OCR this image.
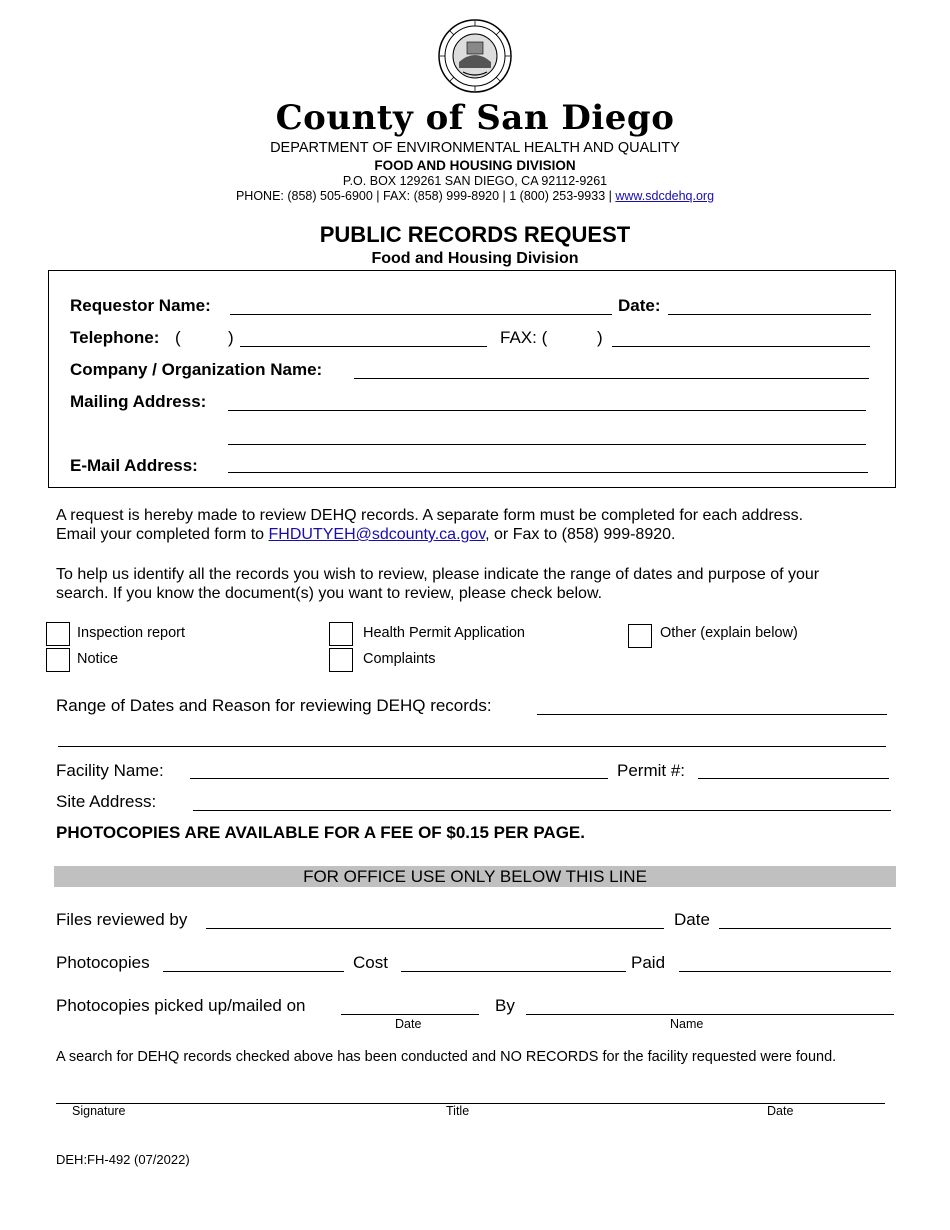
County of San Diego
DEPARTMENT OF ENVIRONMENTAL HEALTH AND QUALITY
FOOD AND HOUSING DIVISION
P.O. BOX 129261 SAN DIEGO, CA 92112-9261
PHONE: (858) 505-6900 | FAX: (858) 999-8920 | 1 (800) 253-9933 | www.sdcdehq.org
PUBLIC RECORDS REQUEST
Food and Housing Division
Requestor Name:	Date:
Telephone: (	)	FAX: (	)
Company / Organization Name:
Mailing Address:
E-Mail Address:
A request is hereby made to review DEHQ records. A separate form must be completed for each address.
Email your completed form to FHDUTYEH@sdcounty.ca.gov, or Fax to (858) 999-8920.
To help us identify all the records you wish to review, please indicate the range of dates and purpose of your
search. If you know the document(s) you want to review, please check below.
Inspection report
Notice
Health Permit Application
Complaints
Other (explain below)
Range of Dates and Reason for reviewing DEHQ records:
Facility Name:	Permit #:
Site Address:
PHOTOCOPIES ARE AVAILABLE FOR A FEE OF $0.15 PER PAGE.
FOR OFFICE USE ONLY BELOW THIS LINE
Files reviewed by	Date
Photocopies	Cost	Paid
Photocopies picked up/mailed on
Date
By
Name
A search for DEHQ records checked above has been conducted and NO RECORDS for the facility requested were found.
Signature	Title	Date
DEH:FH-492 (07/2022)
